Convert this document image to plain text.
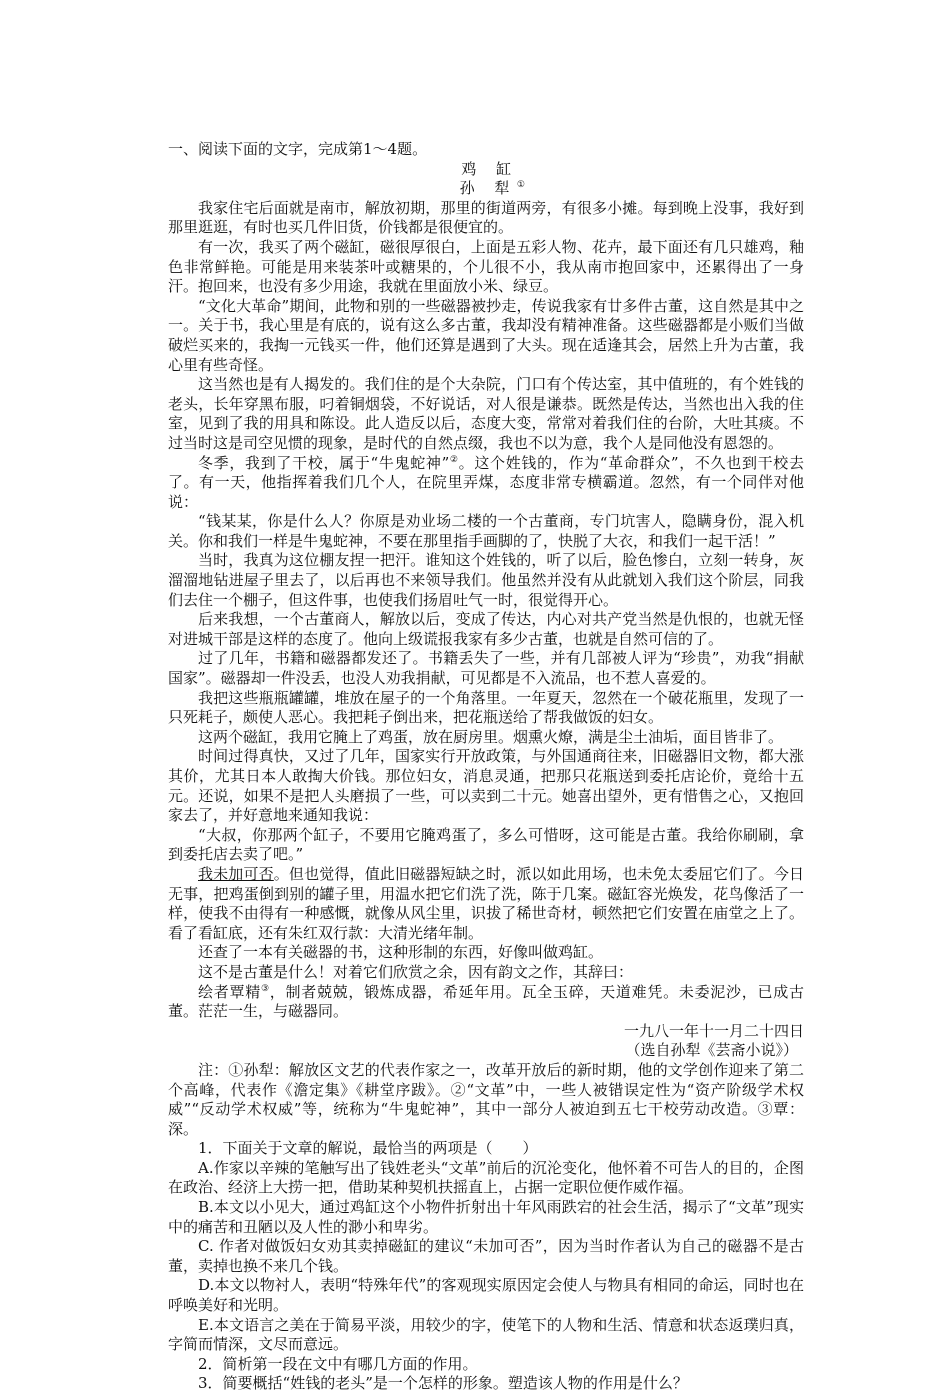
一、阅读下面的文字，完成第1～4题。

鸡 缸

孙 犁①

我家住宅后面就是南市，解放初期，那里的街道两旁，有很多小摊。每到晚上没事，我好到那里逛逛，有时也买几件旧货，价钱都是很便宜的。

有一次，我买了两个磁缸，磁很厚很白，上面是五彩人物、花卉，最下面还有几只雄鸡，釉色非常鲜艳。可能是用来装茶叶或糖果的，个儿很不小，我从南市抱回家中，还累得出了一身汗。抱回来，也没有多少用途，我就在里面放小米、绿豆。

“文化大革命”期间，此物和别的一些磁器被抄走，传说我家有廿多件古董，这自然是其中之一。关于书，我心里是有底的，说有这么多古董，我却没有精神准备。这些磁器都是小贩们当做破烂买来的，我掏一元钱买一件，他们还算是遇到了大头。现在适逢其会，居然上升为古董，我心里有些奇怪。

这当然也是有人揭发的。我们住的是个大杂院，门口有个传达室，其中值班的，有个姓钱的老头，长年穿黑布服，叼着铜烟袋，不好说话，对人很是谦恭。既然是传达，当然也出入我的住室，见到了我的用具和陈设。此人造反以后，态度大变，常常对着我们住的台阶，大吐其痰。不过当时这是司空见惯的现象，是时代的自然点缀，我也不以为意，我个人是同他没有恩怨的。

冬季，我到了干校，属于“牛鬼蛇神”②。这个姓钱的，作为“革命群众”，不久也到干校去了。有一天，他指挥着我们几个人，在院里弄煤，态度非常专横霸道。忽然，有一个同伴对他说：

“钱某某，你是什么人？你原是劝业场二楼的一个古董商，专门坑害人，隐瞒身份，混入机关。你和我们一样是牛鬼蛇神，不要在那里指手画脚的了，快脱了大衣，和我们一起干活！”

当时，我真为这位棚友捏一把汗。谁知这个姓钱的，听了以后，脸色惨白，立刻一转身，灰溜溜地钻进屋子里去了，以后再也不来领导我们。他虽然并没有从此就划入我们这个阶层，同我们去住一个棚子，但这件事，也使我们扬眉吐气一时，很觉得开心。

后来我想，一个古董商人，解放以后，变成了传达，内心对共产党当然是仇恨的，也就无怪对进城干部是这样的态度了。他向上级谎报我家有多少古董，也就是自然可信的了。

过了几年，书籍和磁器都发还了。书籍丢失了一些，并有几部被人评为“珍贵”，劝我“捐献国家”。磁器却一件没丢，也没人劝我捐献，可见都是不入流品，也不惹人喜爱的。

我把这些瓶瓶罐罐，堆放在屋子的一个角落里。一年夏天，忽然在一个破花瓶里，发现了一只死耗子，颇使人恶心。我把耗子倒出来，把花瓶送给了帮我做饭的妇女。

这两个磁缸，我用它腌上了鸡蛋，放在厨房里。烟熏火燎，满是尘土油垢，面目皆非了。

时间过得真快，又过了几年，国家实行开放政策，与外国通商往来，旧磁器旧文物，都大涨其价，尤其日本人敢掏大价钱。那位妇女，消息灵通，把那只花瓶送到委托店论价，竟给十五元。还说，如果不是把人头磨损了一些，可以卖到二十元。她喜出望外，更有惜售之心，又抱回家去了，并好意地来通知我说：

“大叔，你那两个缸子，不要用它腌鸡蛋了，多么可惜呀，这可能是古董。我给你刷刷，拿到委托店去卖了吧。”

我未加可否。但也觉得，值此旧磁器短缺之时，派以如此用场，也未免太委屈它们了。今日无事，把鸡蛋倒到别的罐子里，用温水把它们洗了洗，陈于几案。磁缸容光焕发，花鸟像活了一样，使我不由得有一种感慨，就像从风尘里，识拔了稀世奇材，顿然把它们安置在庙堂之上了。看了看缸底，还有朱红双行款：大清光绪年制。

还查了一本有关磁器的书，这种形制的东西，好像叫做鸡缸。

这不是古董是什么！对着它们欣赏之余，因有韵文之作，其辞曰：

绘者覃精③，制者兢兢，锻炼成器，希延年用。瓦全玉碎，天道难凭。未委泥沙，已成古董。茫茫一生，与磁器同。

一九八一年十一月二十四日

（选自孙犁《芸斋小说》）

注：①孙犁：解放区文艺的代表作家之一，改革开放后的新时期，他的文学创作迎来了第二个高峰，代表作《澹定集》《耕堂序跋》。②“文革”中，一些人被错误定性为“资产阶级学术权威”“反动学术权威”等，统称为“牛鬼蛇神”，其中一部分人被迫到五七干校劳动改造。③覃：深。

1．下面关于文章的解说，最恰当的两项是（　　）

A.作家以辛辣的笔触写出了钱姓老头“文革”前后的沉沦变化，他怀着不可告人的目的，企图在政治、经济上大捞一把，借助某种契机扶摇直上，占据一定职位便作威作福。

B.本文以小见大，通过鸡缸这个小物件折射出十年风雨跌宕的社会生活，揭示了“文革”现实中的痛苦和丑陋以及人性的渺小和卑劣。

C. 作者对做饭妇女劝其卖掉磁缸的建议“未加可否”，因为当时作者认为自己的磁器不是古董，卖掉也换不来几个钱。

D.本文以物衬人，表明“特殊年代”的客观现实原因定会使人与物具有相同的命运，同时也在呼唤美好和光明。

E.本文语言之美在于简易平淡，用较少的字，使笔下的人物和生活、情意和状态返璞归真，字简而情深，文尽而意远。

2．简析第一段在文中有哪几方面的作用。

3．简要概括“姓钱的老头”是一个怎样的形象。塑造该人物的作用是什么？
